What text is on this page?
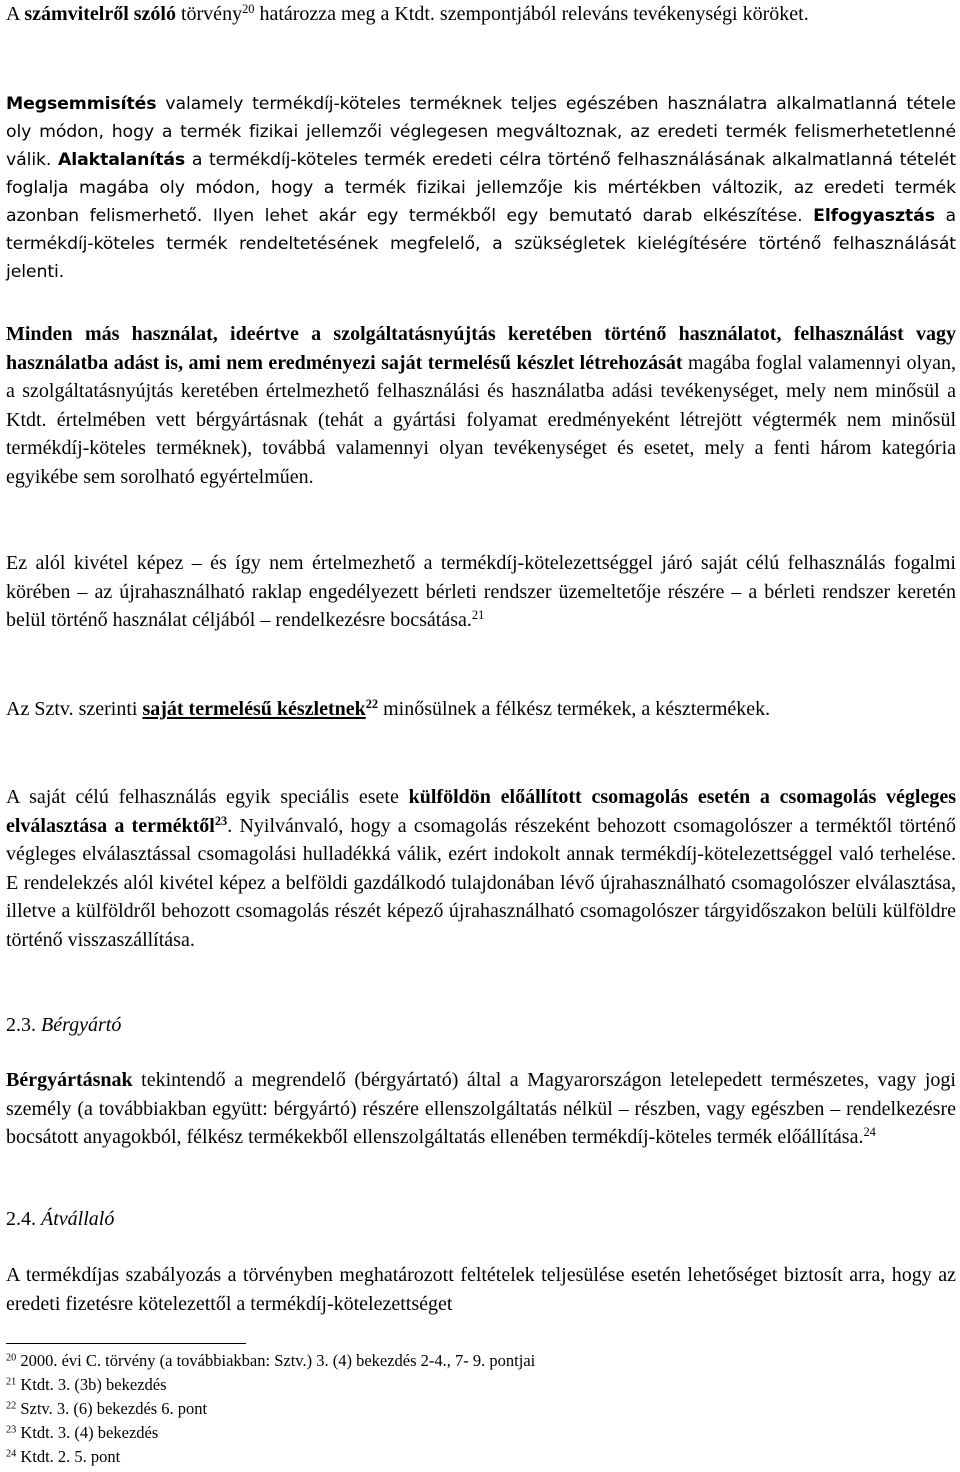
A számvitelről szóló törvény$^{20}$ határozza meg a Ktdt. szempontjából releváns tevékenységi köröket.

Megsemmisítés valamely termékdíj-köteles terméknek teljes egészében használatra alkalmatlanná tétele oly módon, hogy a termék fizikai jellemzői véglegesen megváltoznak, az eredeti termék felismerhetetlenné válik. Alaktalanítás a termékdíj-köteles termék eredeti célra történő felhasználásának alkalmatlanná tételét foglalja magába oly módon, hogy a termék fizikai jellemzője kis mértékben változik, az eredeti termék azonban felismerhető. Ilyen lehet akár egy termékből egy bemutató darab elkészítése. Elfogyasztás a termékdíj-köteles termék rendeltetésének megfelelő, a szükségletek kielégítésére történő felhasználását jelenti.

Minden más használat, ideértve a szolgáltatásnyújtás keretében történő használatot, felhasználást vagy használatba adást is, ami nem eredményezi saját termelésű készlet létrehozását magába foglal valamennyi olyan, a szolgáltatásnyújtás keretében értelmezhető felhasználási és használatba adási tevékenységet, mely nem minősül a Ktdt. értelmében vett bérgyártásnak (tehát a gyártási folyamat eredményeként létrejött végtermék nem minősül termékdíj-köteles terméknek), továbbá valamennyi olyan tevékenységet és esetet, mely a fenti három kategória egyikébe sem sorolható egyértelműen.

Ez alól kivétel képez – és így nem értelmezhető a termékdíj-kötelezettséggel járó saját célú felhasználás fogalmi körében – az újrahasználható raklap engedélyezett bérleti rendszer üzemeltetője részére – a bérleti rendszer keretén belül történő használat céljából – rendelkezésre bocsátása.$^{21}$

Az Sztv. szerinti saját termelésű készletnek$^{22}$ minősülnek a félkész termékek, a késztermékek.

A saját célú felhasználás egyik speciális esete külföldön előállított csomagolás esetén a csomagolás végleges elválasztása a terméktől$^{23}$. Nyilvánvaló, hogy a csomagolás részeként behozott csomagolószer a terméktől történő végleges elválasztással csomagolási hulladékká válik, ezért indokolt annak termékdíj-kötelezettséggel való terhelése. E rendelekzés alól kivétel képez a belföldi gazdálkodó tulajdonában lévő újrahasználható csomagolószer elválasztása, illetve a külföldről behozott csomagolás részét képező újrahasználható csomagolószer tárgyidőszakon belüli külföldre történő visszaszállítása.

2.3. Bérgyártó

Bérgyártásnak tekintendő a megrendelő (bérgyártató) által a Magyarországon letelepedett természetes, vagy jogi személy (a továbbiakban együtt: bérgyártó) részére ellenszolgáltatás nélkül – részben, vagy egészben – rendelkezésre bocsátott anyagokból, félkész termékekből ellenszolgáltatás ellenében termékdíj-köteles termék előállítása.$^{24}$

2.4. Átvállaló

A termékdíjas szabályozás a törvényben meghatározott feltételek teljesülése esetén lehetőséget biztosít arra, hogy az eredeti fizetésre kötelezettől a termékdíj-kötelezettséget

$^{20}$ 2000. évi C. törvény (a továbbiakban: Sztv.) 3. (4) bekezdés 2-4., 7- 9. pontjai
$^{21}$ Ktdt. 3. (3b) bekezdés
$^{22}$ Sztv. 3. (6) bekezdés 6. pont
$^{23}$ Ktdt. 3. (4) bekezdés
$^{24}$ Ktdt. 2. 5. pont
